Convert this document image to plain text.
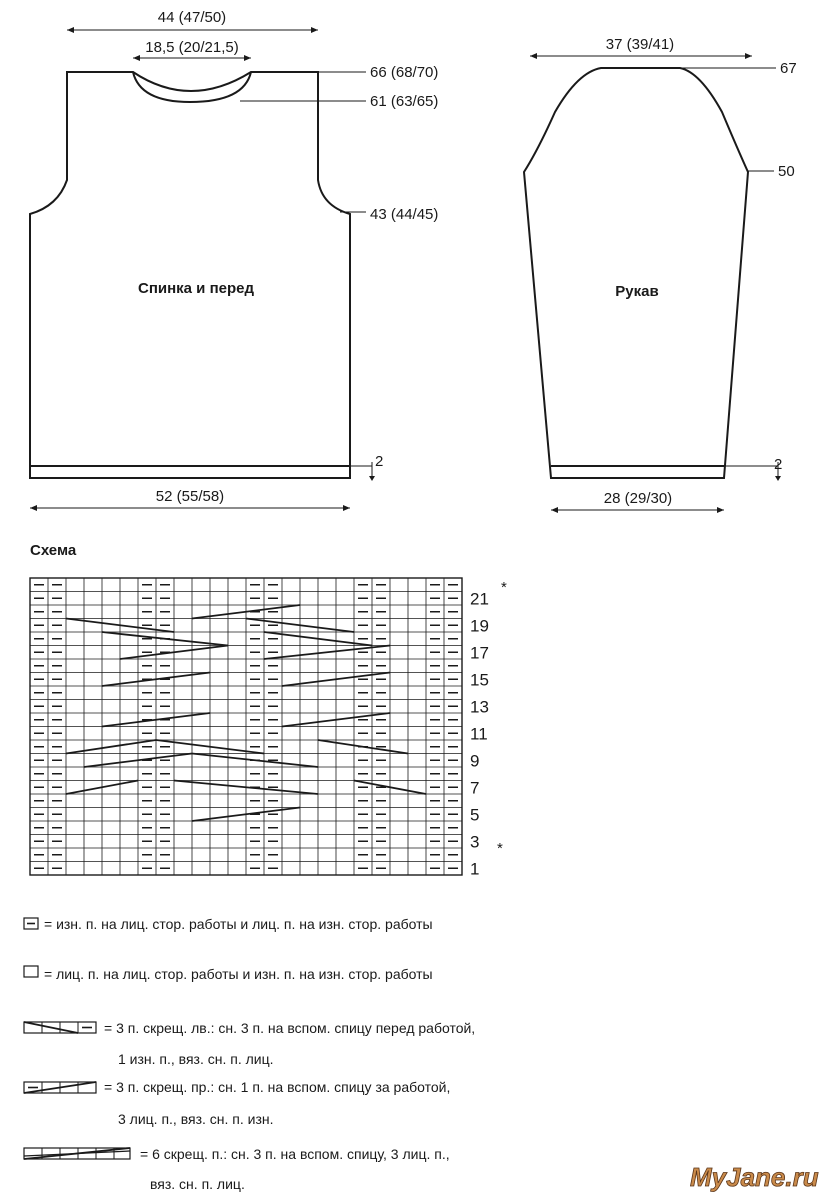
44 (47/50)
18,5 (20/21,5)
66 (68/70)
61 (63/65)
43 (44/45)
2
52 (55/58)
Спинка и перед
37 (39/41)
67
50
2
28 (29/30)
Рукав
Схема
1
3
5
7
9
11
13
15
17
19
21
*
*
= изн. п. на лиц. стор. работы и лиц. п. на изн. стор. работы
= лиц. п. на лиц. стор. работы и изн. п. на изн. стор. работы
= 3 п. скрещ. лв.: сн. 3 п. на вспом. спицу перед работой,
1 изн. п., вяз. сн. п. лиц.
= 3 п. скрещ. пр.: сн. 1 п. на вспом. спицу за работой,
3 лиц. п., вяз. сн. п. изн.
= 6 скрещ. п.: сн. 3 п. на вспом. спицу, 3 лиц. п.,
вяз. сн. п. лиц.	MyJane.ru
